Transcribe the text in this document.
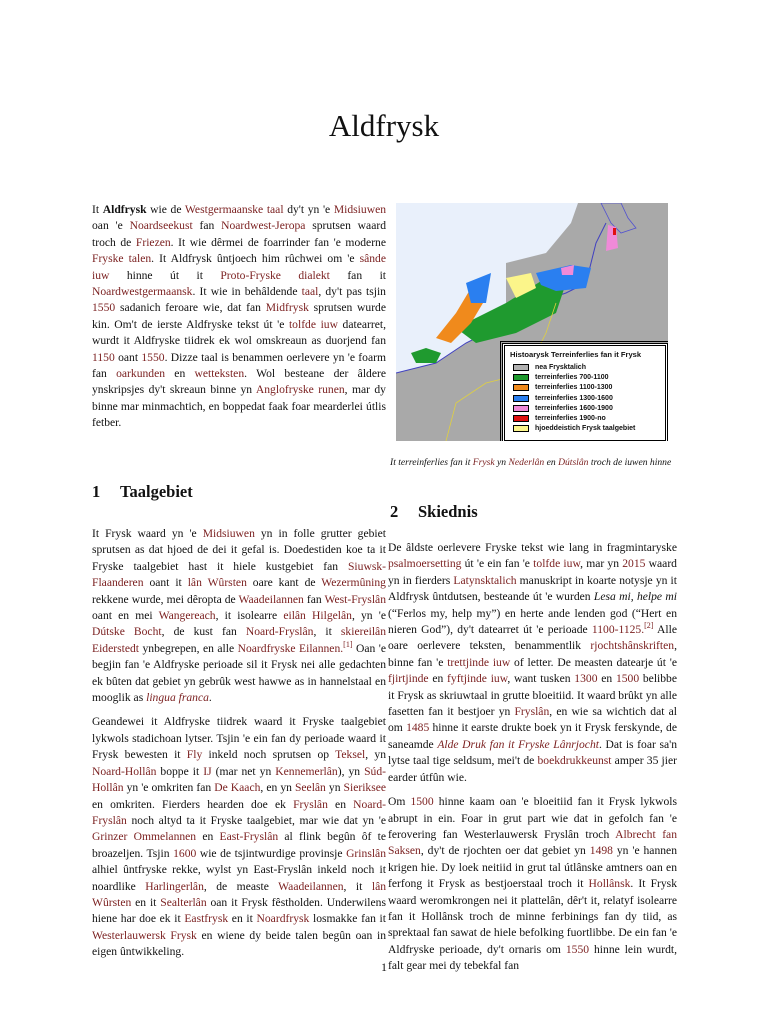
Aldfrysk

It Aldfrysk wie de Westgermaanske taal dy't yn 'e Midsiuwen oan 'e Noardseekust fan Noardwest-Jeropa sprutsen waard troch de Friezen. It wie dêrmei de foarrinder fan 'e moderne Fryske talen. It Aldfrysk ûntjoech him rûchwei om 'e sânde iuw hinne út it Proto-Fryske dialekt fan it Noardwestgermaansk. It wie in behâldende taal, dy't pas tsjin 1550 sadanich feroare wie, dat fan Midfrysk sprutsen wurde kin. Om't de ierste Aldfryske tekst út 'e tolfde iuw datearret, wurdt it Aldfryske tiidrek ek wol omskreaun as duorjend fan 1150 oant 1550. Dizze taal is benammen oerlevere yn 'e foarm fan oarkunden en wetteksten. Wol besteane der âldere ynskripsjes dy't skreaun binne yn Anglofryske runen, mar dy binne mar minmachtich, en boppedat faak foar mearderlei útlis fetber.

Histoarysk Terreinferlies fan it Frysk
nea Frysktalich
terreinferlies 700-1100
terreinferlies 1100-1300
terreinferlies 1300-1600
terreinferlies 1600-1900
terreinferlies 1900-no
hjoeddeistich Frysk taalgebiet
It terreinferlies fan it Frysk yn Nederlân en Dútslân troch de iuwen hinne
1 Taalgebiet

It Frysk waard yn 'e Midsiuwen yn in folle grutter gebiet sprutsen as dat hjoed de dei it gefal is. Doedestiden koe ta it Fryske taalgebiet hast it hiele kustgebiet fan Siuwsk-Flaanderen oant it lân Wûrsten oare kant de Wezermûning rekkene wurde, mei dêropta de Waadeilannen fan West-Fryslân oant en mei Wangereach, it isolearre eilân Hilgelân, yn 'e Dútske Bocht, de kust fan Noard-Fryslân, it skiereilân Eiderstedt ynbegrepen, en alle Noardfryske Eilannen.[1] Oan 'e begjin fan 'e Aldfryske perioade sil it Frysk nei alle gedachten ek bûten dat gebiet yn gebrûk west hawwe as in hannelstaal en mooglik as lingua franca.

Geandewei it Aldfryske tiidrek waard it Fryske taalgebiet lykwols stadichoan lytser. Tsjin 'e ein fan dy perioade waard it Frysk bewesten it Fly inkeld noch sprutsen op Teksel, yn Noard-Hollân boppe it IJ (mar net yn Kennemerlân), yn Súd-Hollân yn 'e omkriten fan De Kaach, en yn Seelân yn Sieriksee en omkriten. Fierders hearden doe ek Fryslân en Noard-Fryslân noch altyd ta it Fryske taalgebiet, mar wie dat yn 'e Grinzer Ommelannen en East-Fryslân al flink begûn ôf te broazeljen. Tsjin 1600 wie de tsjintwurdige provinsje Grinslân alhiel ûntfryske rekke, wylst yn East-Fryslân inkeld noch it noardlike Harlingerlân, de measte Waadeilannen, it lân Wûrsten en it Sealterlân oan it Frysk fêstholden. Underwilens hiene har doe ek it Eastfrysk en it Noardfrysk losmakke fan it Westerlauwersk Frysk en wiene dy beide talen begûn oan in eigen ûntwikkeling.

2 Skiednis

De âldste oerlevere Fryske tekst wie lang in fragmintaryske psalmoersetting út 'e ein fan 'e tolfde iuw, mar yn 2015 waard yn in fierders Latynsktalich manuskript in koarte notysje yn it Aldfrysk ûntdutsen, besteande út 'e wurden Lesa mi, helpe mi (“Ferlos my, help my”) en herte ande lenden god (“Hert en nieren God”), dy't datearret út 'e perioade 1100-1125.[2] Alle oare oerlevere teksten, benammentlik rjochtshânskriften, binne fan 'e trettjinde iuw of letter. De measten datearje út 'e fjirtjinde en fyftjinde iuw, want tusken 1300 en 1500 belibbe it Frysk as skriuwtaal in grutte bloeitiid. It waard brûkt yn alle fasetten fan it bestjoer yn Fryslân, en wie sa wichtich dat al om 1485 hinne it earste drukte boek yn it Frysk ferskynde, de saneamde Alde Druk fan it Fryske Lânrjocht. Dat is foar sa'n lytse taal tige seldsum, mei't de boekdrukkeunst amper 35 jier earder útfûn wie.

Om 1500 hinne kaam oan 'e bloeitiid fan it Frysk lykwols abrupt in ein. Foar in grut part wie dat in gefolch fan 'e ferovering fan Westerlauwersk Fryslân troch Albrecht fan Saksen, dy't de rjochten oer dat gebiet yn 1498 yn 'e hannen krigen hie. Dy loek neitiid in grut tal útlânske amtners oan en ferfong it Frysk as bestjoerstaal troch it Hollânsk. It Frysk waard weromkrongen nei it plattelân, dêr't it, relatyf isolearre fan it Hollânsk troch de minne ferbinings fan dy tiid, as sprektaal fan sawat de hiele befolking fuortlibbe. De ein fan 'e Aldfryske perioade, dy't ornaris om 1550 hinne lein wurdt, falt gear mei dy tebekfal fan

1
